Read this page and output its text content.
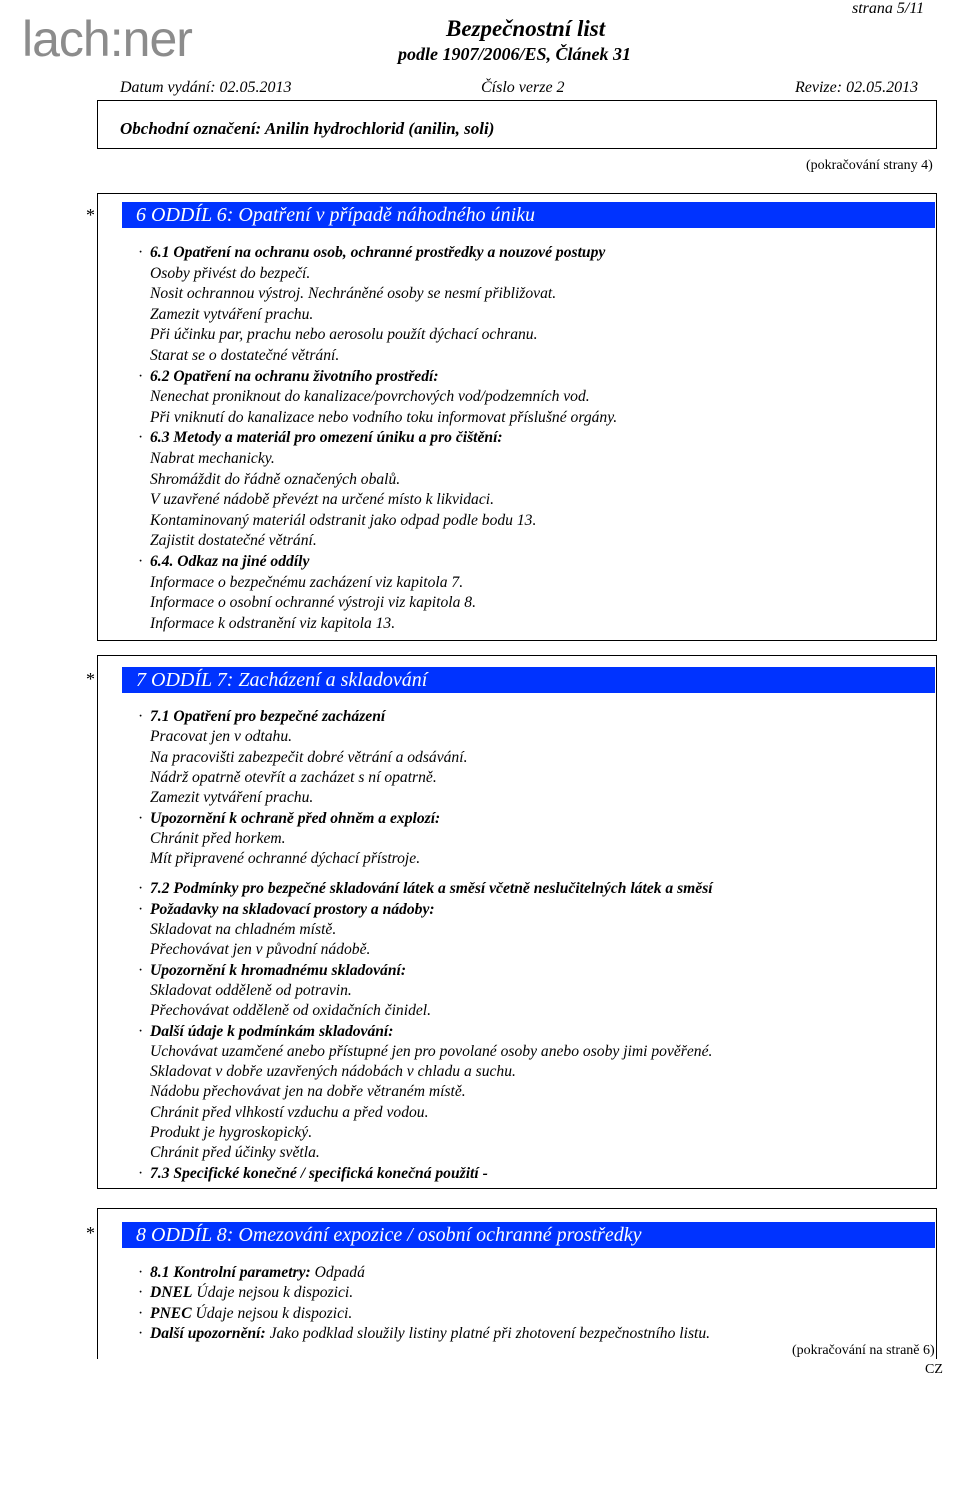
lach:ner
strana 5/11
Bezpečnostní list
podle 1907/2006/ES, Článek 31
Datum vydání: 02.05.2013	Číslo verze 2	Revize: 02.05.2013
Obchodní označení: Anilin hydrochlorid (anilin, soli)
(pokračování strany 4)
* 6 ODDÍL 6: Opatření v případě náhodného úniku
· 6.1 Opatření na ochranu osob, ochranné prostředky a nouzové postupy
Osoby přivést do bezpečí.
Nosit ochrannou výstroj. Nechráněné osoby se nesmí přibližovat.
Zamezit vytváření prachu.
Při účinku par, prachu nebo aerosolu použít dýchací ochranu.
Starat se o dostatečné větrání.
· 6.2 Opatření na ochranu životního prostředí:
Nenechat proniknout do kanalizace/povrchových vod/podzemních vod.
Při vniknutí do kanalizace nebo vodního toku informovat příslušné orgány.
· 6.3 Metody a materiál pro omezení úniku a pro čištění:
Nabrat mechanicky.
Shromáždit do řádně označených obalů.
V uzavřené nádobě převézt na určené místo k likvidaci.
Kontaminovaný materiál odstranit jako odpad podle bodu 13.
Zajistit dostatečné větrání.
· 6.4. Odkaz na jiné oddíly
Informace o bezpečnému zacházení viz kapitola 7.
Informace o osobní ochranné výstroji viz kapitola 8.
Informace k odstranění viz kapitola 13.
* 7 ODDÍL 7: Zacházení a skladování
· 7.1 Opatření pro bezpečné zacházení
Pracovat jen v odtahu.
Na pracovišti zabezpečit dobré větrání a odsávání.
Nádrž opatrně otevřít a zacházet s ní opatrně.
Zamezit vytváření prachu.
· Upozornění k ochraně před ohněm a explozí:
Chránit před horkem.
Mít připravené ochranné dýchací přístroje.
· 7.2 Podmínky pro bezpečné skladování látek a směsí včetně neslučitelných látek a směsí
· Požadavky na skladovací prostory a nádoby:
Skladovat na chladném místě.
Přechovávat jen v původní nádobě.
· Upozornění k hromadnému skladování:
Skladovat odděleně od potravin.
Přechovávat odděleně od oxidačních činidel.
· Další údaje k podmínkám skladování:
Uchovávat uzamčené anebo přístupné jen pro povolané osoby anebo osoby jimi pověřené.
Skladovat v dobře uzavřených nádobách v chladu a suchu.
Nádobu přechovávat jen na dobře větraném místě.
Chránit před vlhkostí vzduchu a před vodou.
Produkt je hygroskopický.
Chránit před účinky světla.
· 7.3 Specifické konečné / specifická konečná použití -
* 8 ODDÍL 8: Omezování expozice / osobní ochranné prostředky
· 8.1 Kontrolní parametry: Odpadá
· DNEL Údaje nejsou k dispozici.
· PNEC Údaje nejsou k dispozici.
· Další upozornění: Jako podklad sloužily listiny platné při zhotovení bezpečnostního listu.
(pokračování na straně 6)
CZ
